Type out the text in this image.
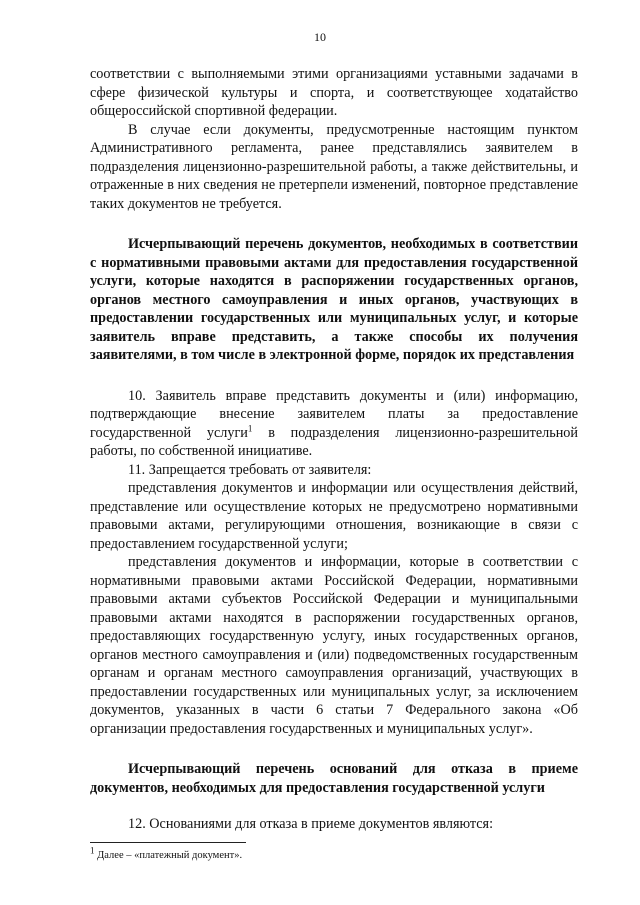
10

соответствии с выполняемыми этими организациями уставными задачами в сфере физической культуры и спорта, и соответствующее ходатайство общероссийской спортивной федерации.

В случае если документы, предусмотренные настоящим пунктом Административного регламента, ранее представлялись заявителем в подразделения лицензионно-разрешительной работы, а также действительны, и отраженные в них сведения не претерпели изменений, повторное представление таких документов не требуется.

Исчерпывающий перечень документов, необходимых в соответствии с нормативными правовыми актами для предоставления государственной услуги, которые находятся в распоряжении государственных органов, органов местного самоуправления и иных органов, участвующих в предоставлении государственных или муниципальных услуг, и которые заявитель вправе представить, а также способы их получения заявителями, в том числе в электронной форме, порядок их представления

10. Заявитель вправе представить документы и (или) информацию, подтверждающие внесение заявителем платы за предоставление государственной услуги$^1$ в подразделения лицензионно-разрешительной работы, по собственной инициативе.

11. Запрещается требовать от заявителя:

представления документов и информации или осуществления действий, представление или осуществление которых не предусмотрено нормативными правовыми актами, регулирующими отношения, возникающие в связи с предоставлением государственной услуги;

представления документов и информации, которые в соответствии с нормативными правовыми актами Российской Федерации, нормативными правовыми актами субъектов Российской Федерации и муниципальными правовыми актами находятся в распоряжении государственных органов, предоставляющих государственную услугу, иных государственных органов, органов местного самоуправления и (или) подведомственных государственным органам и органам местного самоуправления организаций, участвующих в предоставлении государственных или муниципальных услуг, за исключением документов, указанных в части 6 статьи 7 Федерального закона «Об организации предоставления государственных и муниципальных услуг».

Исчерпывающий перечень оснований для отказа в приеме документов, необходимых для предоставления государственной услуги

12. Основаниями для отказа в приеме документов являются:

$^1$ Далее – «платежный документ».
